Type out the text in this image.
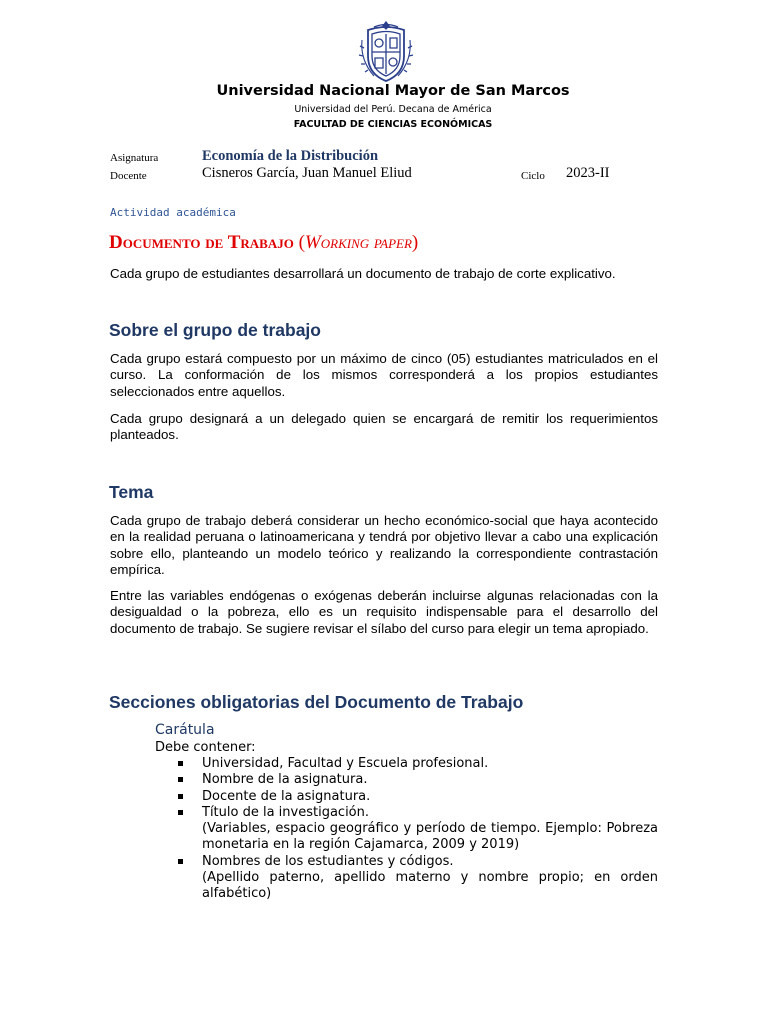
Universidad Nacional Mayor de San Marcos
Universidad del Perú. Decana de América
FACULTAD DE CIENCIAS ECONÓMICAS
Asignatura	Economía de la Distribución
Docente	Cisneros García, Juan Manuel Eliud	Ciclo 2023-II
Actividad académica
Documento de Trabajo (Working paper)
Cada grupo de estudiantes desarrollará un documento de trabajo de corte explicativo.
Sobre el grupo de trabajo
Cada grupo estará compuesto por un máximo de cinco (05) estudiantes matriculados en el curso. La conformación de los mismos corresponderá a los propios estudiantes seleccionados entre aquellos.
Cada grupo designará a un delegado quien se encargará de remitir los requerimientos planteados.
Tema
Cada grupo de trabajo deberá considerar un hecho económico-social que haya acontecido en la realidad peruana o latinoamericana y tendrá por objetivo llevar a cabo una explicación sobre ello, planteando un modelo teórico y realizando la correspondiente contrastación empírica.
Entre las variables endógenas o exógenas deberán incluirse algunas relacionadas con la desigualdad o la pobreza, ello es un requisito indispensable para el desarrollo del documento de trabajo. Se sugiere revisar el sílabo del curso para elegir un tema apropiado.
Secciones obligatorias del Documento de Trabajo
Carátula
Debe contener:
Universidad, Facultad y Escuela profesional.
Nombre de la asignatura.
Docente de la asignatura.
Título de la investigación.
(Variables, espacio geográfico y período de tiempo. Ejemplo: Pobreza monetaria en la región Cajamarca, 2009 y 2019)
Nombres de los estudiantes y códigos.
(Apellido paterno, apellido materno y nombre propio; en orden alfabético)
